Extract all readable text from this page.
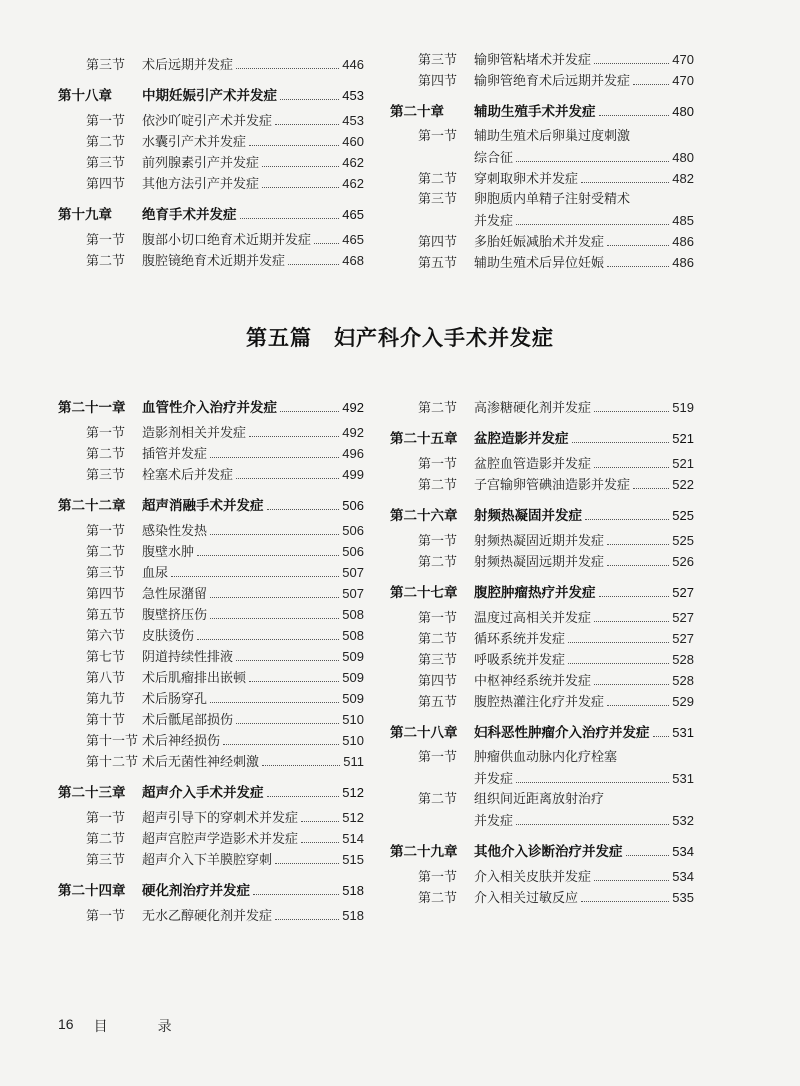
第三节	术后远期并发症	446
第十八章	中期妊娠引产术并发症	453
第一节	依沙吖啶引产术并发症	453
第二节	水囊引产术并发症	460
第三节	前列腺素引产并发症	462
第四节	其他方法引产并发症	462
第十九章	绝育手术并发症	465
第一节	腹部小切口绝育术近期并发症 465
第二节	腹腔镜绝育术近期并发症	468
第三节	输卵管粘堵术并发症	470
第四节	输卵管绝育术后远期并发症	470
第二十章	辅助生殖手术并发症	480
第一节	辅助生殖术后卵巢过度刺激
综合征	480
第二节	穿刺取卵术并发症	482
第三节	卵胞质内单精子注射受精术
并发症	485
第四节	多胎妊娠减胎术并发症	486
第五节	辅助生殖术后异位妊娠	486
第五篇　妇产科介入手术并发症
第二十一章	血管性介入治疗并发症	492
第一节	造影剂相关并发症	492
第二节	插管并发症	496
第三节	栓塞术后并发症	499
第二十二章	超声消融手术并发症	506
第一节	感染性发热	506
第二节	腹壁水肿	506
第三节	血尿	507
第四节	急性尿潴留	507
第五节	腹壁挤压伤	508
第六节	皮肤烫伤	508
第七节	阴道持续性排液	509
第八节	术后肌瘤排出嵌顿	509
第九节	术后肠穿孔	509
第十节	术后骶尾部损伤	510
第十一节 术后神经损伤	510
第十二节 术后无菌性神经刺激	511
第二十三章	超声介入手术并发症	512
第一节	超声引导下的穿刺术并发症	512
第二节	超声宫腔声学造影术并发症	514
第三节	超声介入下羊膜腔穿刺	515
第二十四章	硬化剂治疗并发症	518
第一节	无水乙醇硬化剂并发症	518
第二节	高渗糖硬化剂并发症	519
第二十五章	盆腔造影并发症	521
第一节	盆腔血管造影并发症	521
第二节	子宫输卵管碘油造影并发症	522
第二十六章	射频热凝固并发症	525
第一节	射频热凝固近期并发症	525
第二节	射频热凝固远期并发症	526
第二十七章	腹腔肿瘤热疗并发症	527
第一节	温度过高相关并发症	527
第二节	循环系统并发症	527
第三节	呼吸系统并发症	528
第四节	中枢神经系统并发症	528
第五节	腹腔热灌注化疗并发症	529
第二十八章	妇科恶性肿瘤介入治疗并发症 531
第一节	肿瘤供血动脉内化疗栓塞
并发症	531
第二节	组织间近距离放射治疗
并发症	532
第二十九章	其他介入诊断治疗并发症	534
第一节	介入相关皮肤并发症	534
第二节	介入相关过敏反应	535
16 目　录
